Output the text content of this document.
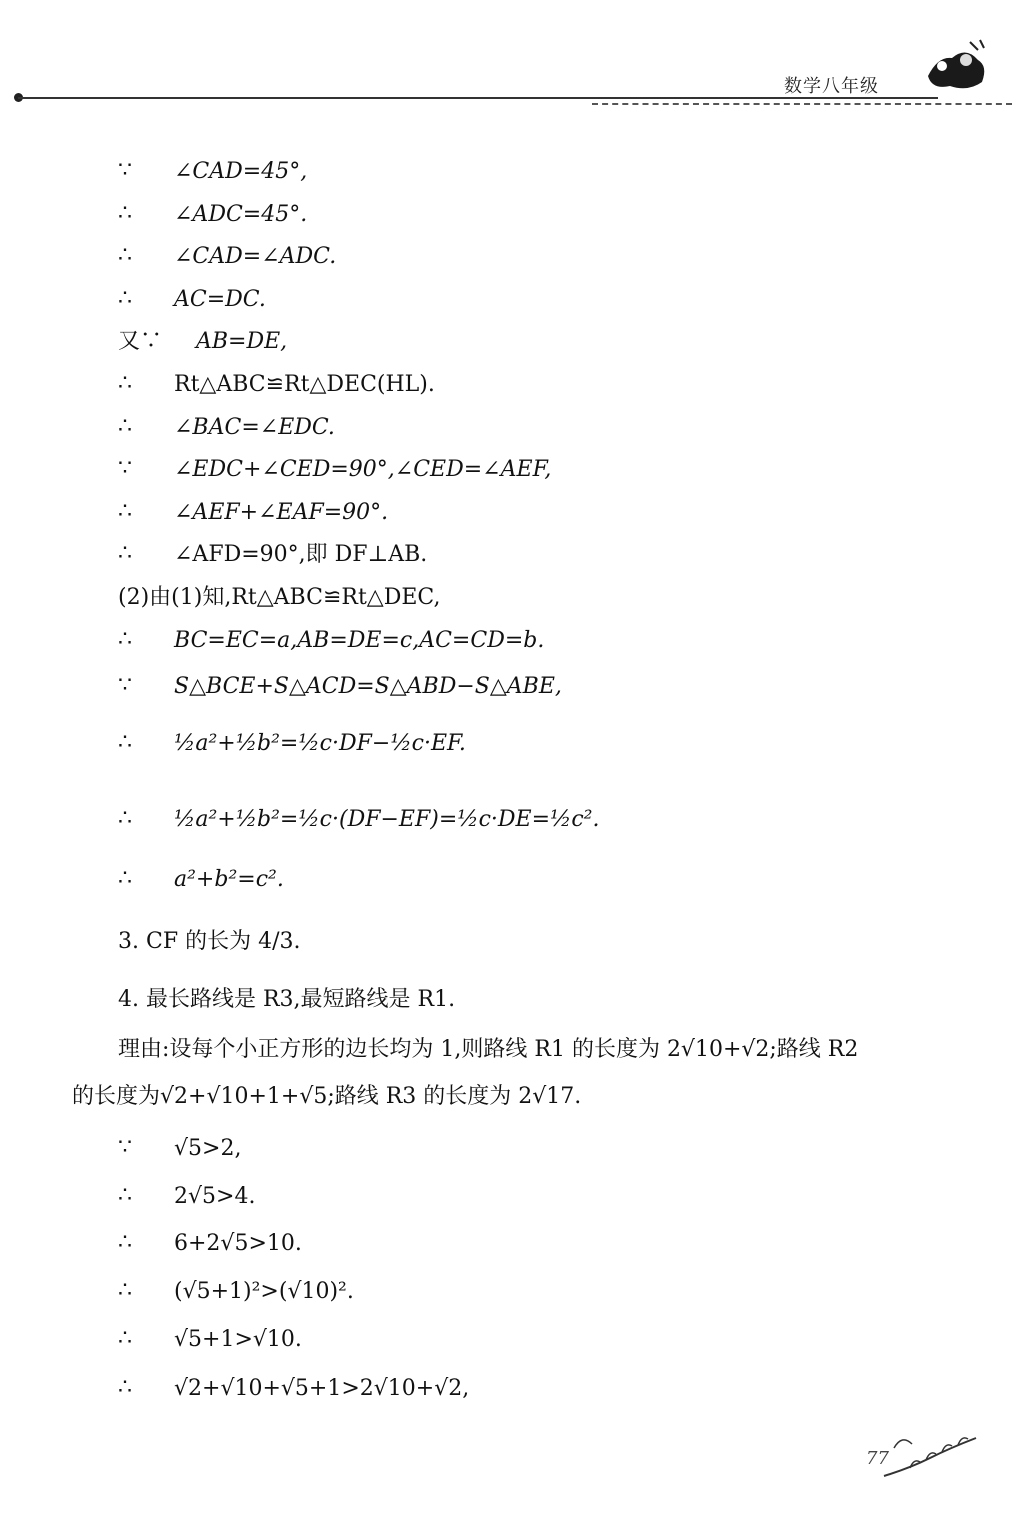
数学八年级
∵ ∠CAD=45°,
∴ ∠ADC=45°.
∴ ∠CAD=∠ADC.
∴ AC=DC.
又∵ AB=DE,
∴ Rt△ABC≌Rt△DEC(HL).
∴ ∠BAC=∠EDC.
∵ ∠EDC+∠CED=90°,∠CED=∠AEF,
∴ ∠AEF+∠EAF=90°.
∴ ∠AFD=90°,即 DF⊥AB.
(2)由(1)知,Rt△ABC≌Rt△DEC,
∴ BC=EC=a,AB=DE=c,AC=CD=b.
∵ S△BCE+S△ACD=S△ABD−S△ABE,
∴ ½a²+½b²=½c·DF−½c·EF.
∴ ½a²+½b²=½c·(DF−EF)=½c·DE=½c².
∴ a²+b²=c².
3. CF 的长为 4/3.
4. 最长路线是 R3,最短路线是 R1.
理由:设每个小正方形的边长均为 1,则路线 R1 的长度为 2√10+√2;路线 R2
的长度为√2+√10+1+√5;路线 R3 的长度为 2√17.
∵ √5>2,
∴ 2√5>4.
∴ 6+2√5>10.
∴ (√5+1)²>(√10)².
∴ √5+1>√10.
∴ √2+√10+√5+1>2√10+√2,
77
